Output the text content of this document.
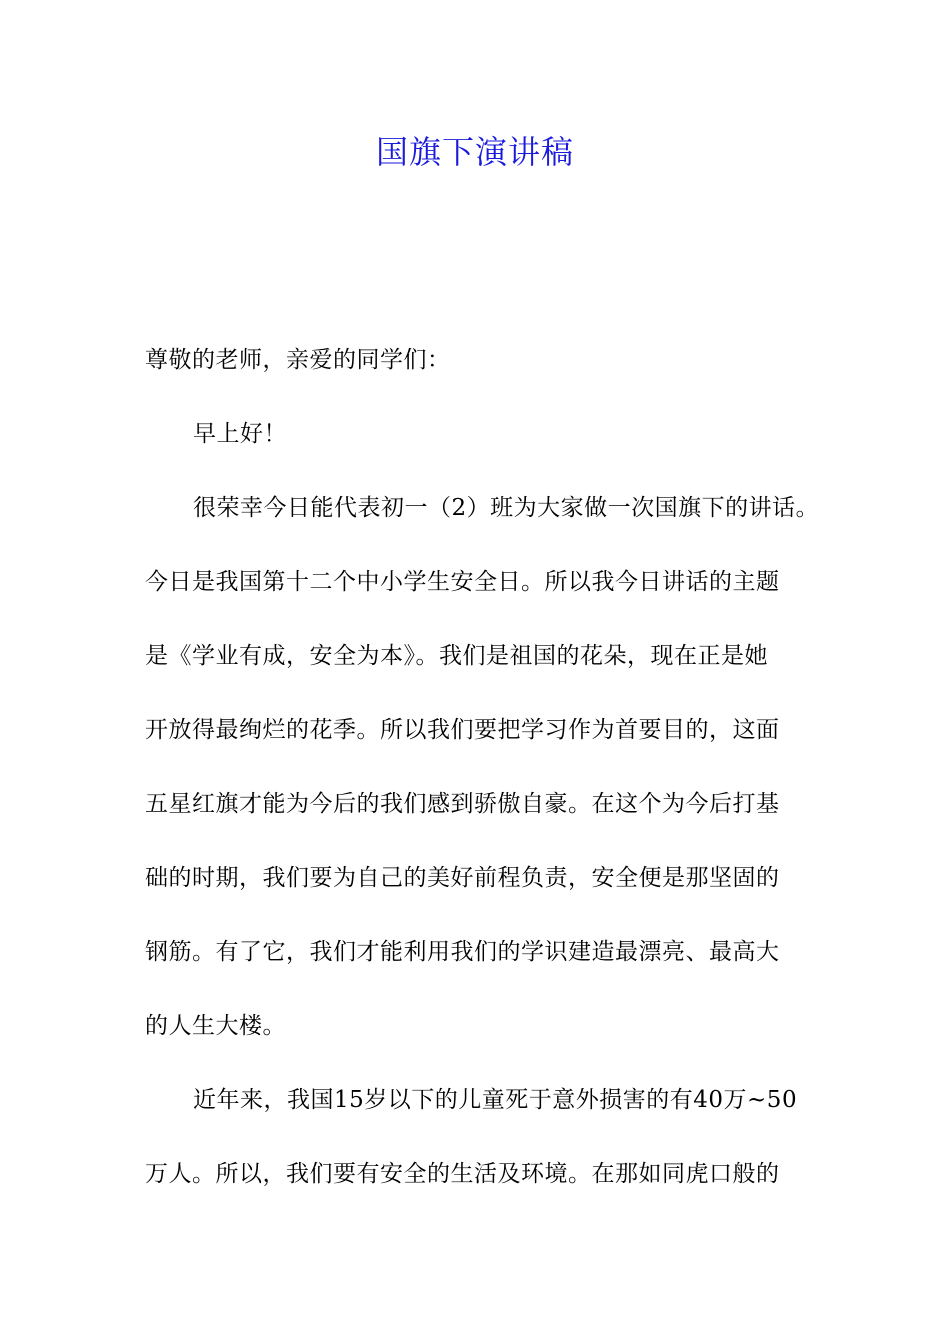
国旗下演讲稿
尊敬的老师，亲爱的同学们：
早上好！
很荣幸今日能代表初一（2）班为大家做一次国旗下的讲话。
今日是我国第十二个中小学生安全日。所以我今日讲话的主题
是《学业有成，安全为本》。我们是祖国的花朵，现在正是她
开放得最绚烂的花季。所以我们要把学习作为首要目的，这面
五星红旗才能为今后的我们感到骄傲自豪。在这个为今后打基
础的时期，我们要为自己的美好前程负责，安全便是那坚固的
钢筋。有了它，我们才能利用我们的学识建造最漂亮、最高大
的人生大楼。
近年来，我国15岁以下的儿童死于意外损害的有40万~50
万人。所以，我们要有安全的生活及环境。在那如同虎口般的
